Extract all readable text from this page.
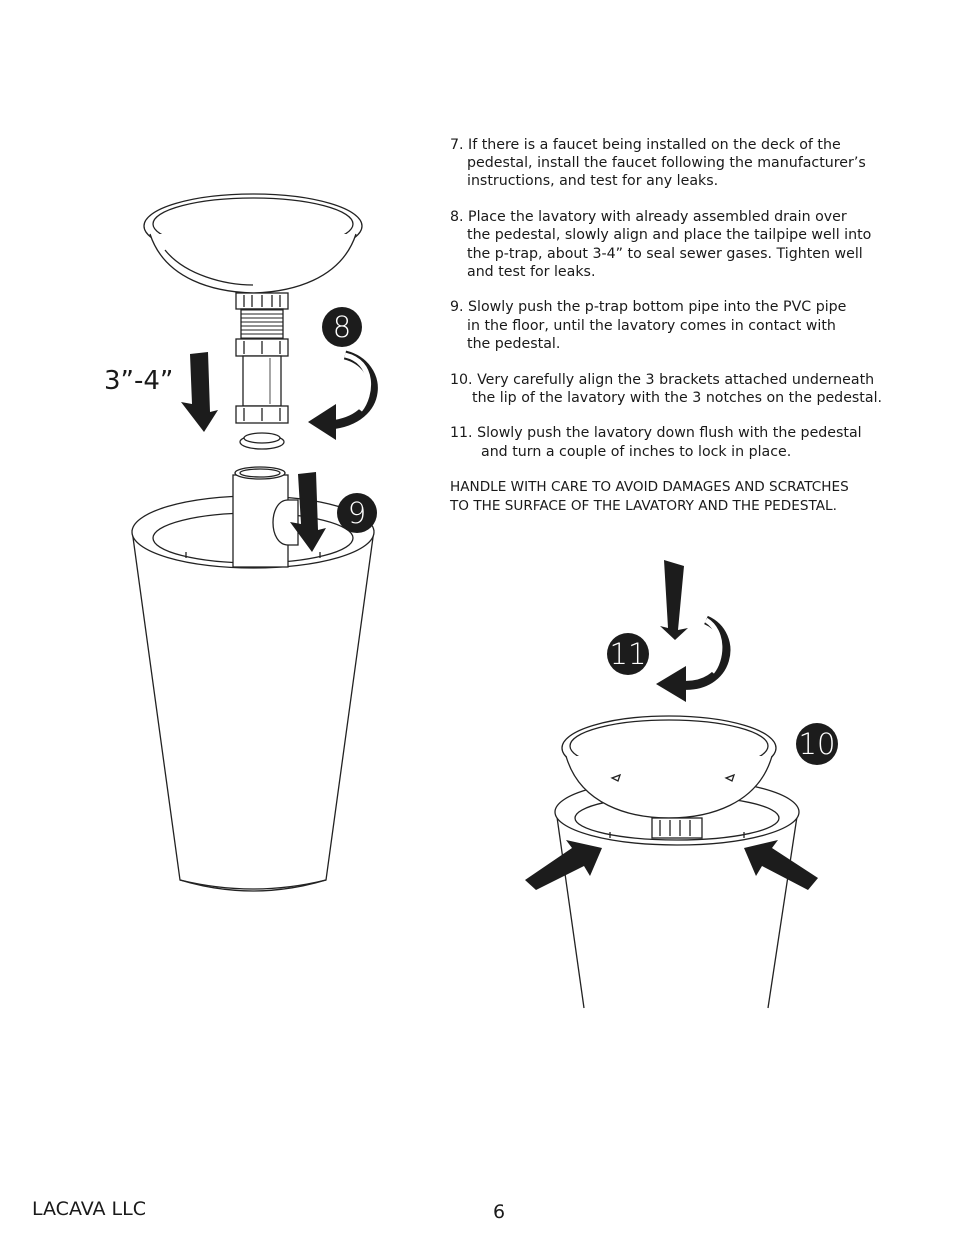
3”-4”
8
9
11
10

7. If there is a faucet being installed on the deck of the

pedestal, install the faucet following the manufacturer’s

instructions, and test for any leaks.

8. Place the lavatory with already assembled drain over

the pedestal, slowly align and place the tailpipe well into

the p-trap, about 3-4” to seal sewer gases. Tighten well

and test for leaks.

9. Slowly push the p-trap bottom pipe into the PVC pipe

in the floor, until the lavatory comes in contact with

the pedestal.

10. Very carefully align the 3 brackets attached underneath

the lip of the lavatory with the 3 notches on the pedestal.

11. Slowly push the lavatory down flush with the pedestal

and turn a couple of inches to lock in place.

HANDLE WITH CARE TO AVOID DAMAGES AND SCRATCHES

TO THE SURFACE OF THE LAVATORY AND THE PEDESTAL.

LACAVA LLC	6
